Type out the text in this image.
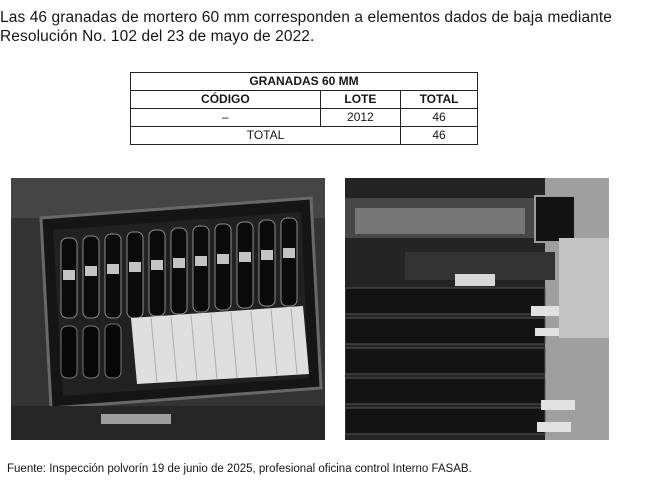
Las 46 granadas de mortero 60 mm corresponden a elementos dados de baja mediante
Resolución No. 102 del 23 de mayo de 2022.
GRANADAS 60 MM		
CÓDIGO	LOTE	TOTAL
–	2012	46
TOTAL		46
Fuente: Inspección polvorín 19 de junio de 2025, profesional oficina control Interno FASAB.
